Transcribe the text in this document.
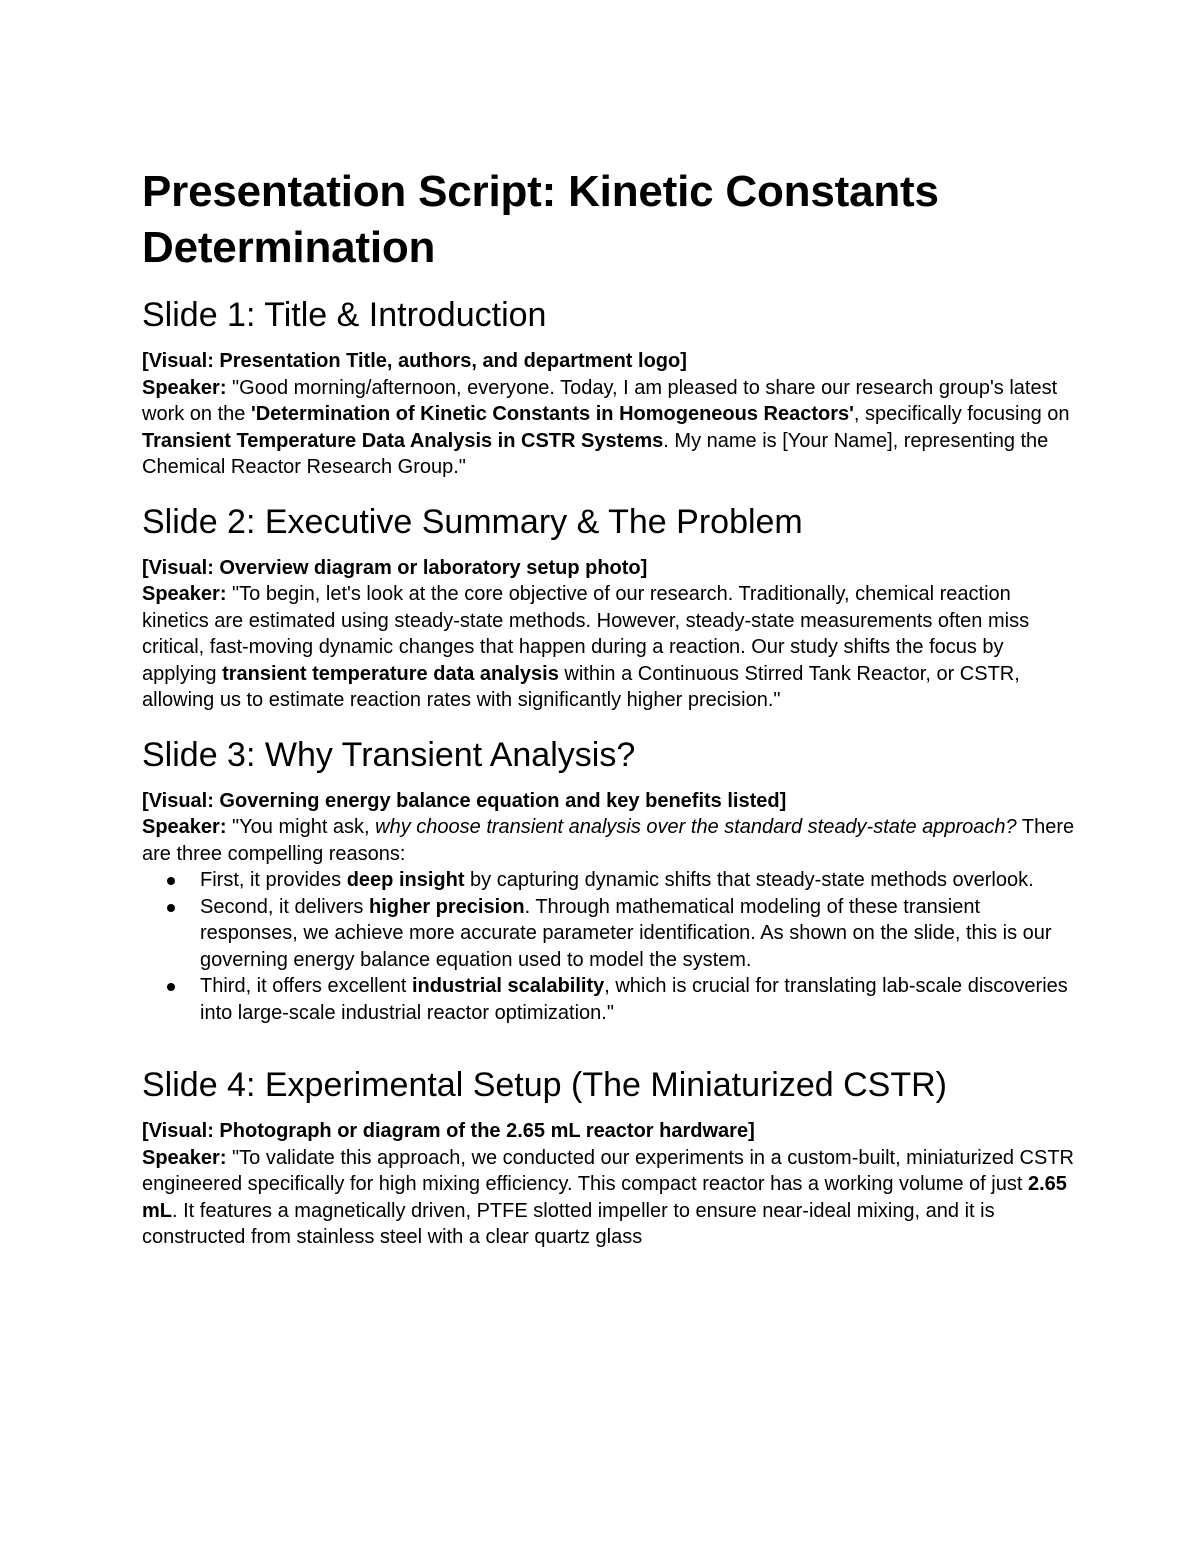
Presentation Script: Kinetic Constants Determination
Slide 1: Title & Introduction

[Visual: Presentation Title, authors, and department logo]

Speaker: "Good morning/afternoon, everyone. Today, I am pleased to share our research group's latest work on the 'Determination of Kinetic Constants in Homogeneous Reactors', specifically focusing on Transient Temperature Data Analysis in CSTR Systems. My name is [Your Name], representing the Chemical Reactor Research Group."

Slide 2: Executive Summary & The Problem

[Visual: Overview diagram or laboratory setup photo]

Speaker: "To begin, let's look at the core objective of our research. Traditionally, chemical reaction kinetics are estimated using steady-state methods. However, steady-state measurements often miss critical, fast-moving dynamic changes that happen during a reaction. Our study shifts the focus by applying transient temperature data analysis within a Continuous Stirred Tank Reactor, or CSTR, allowing us to estimate reaction rates with significantly higher precision."

Slide 3: Why Transient Analysis?

[Visual: Governing energy balance equation and key benefits listed]

Speaker: "You might ask, why choose transient analysis over the standard steady-state approach? There are three compelling reasons:

First, it provides deep insight by capturing dynamic shifts that steady-state methods overlook.
Second, it delivers higher precision. Through mathematical modeling of these transient responses, we achieve more accurate parameter identification. As shown on the slide, this is our governing energy balance equation used to model the system.
Third, it offers excellent industrial scalability, which is crucial for translating lab-scale discoveries into large-scale industrial reactor optimization."
Slide 4: Experimental Setup (The Miniaturized CSTR)

[Visual: Photograph or diagram of the 2.65 mL reactor hardware]

Speaker: "To validate this approach, we conducted our experiments in a custom-built, miniaturized CSTR engineered specifically for high mixing efficiency. This compact reactor has a working volume of just 2.65 mL. It features a magnetically driven, PTFE slotted impeller to ensure near-ideal mixing, and it is constructed from stainless steel with a clear quartz glass
